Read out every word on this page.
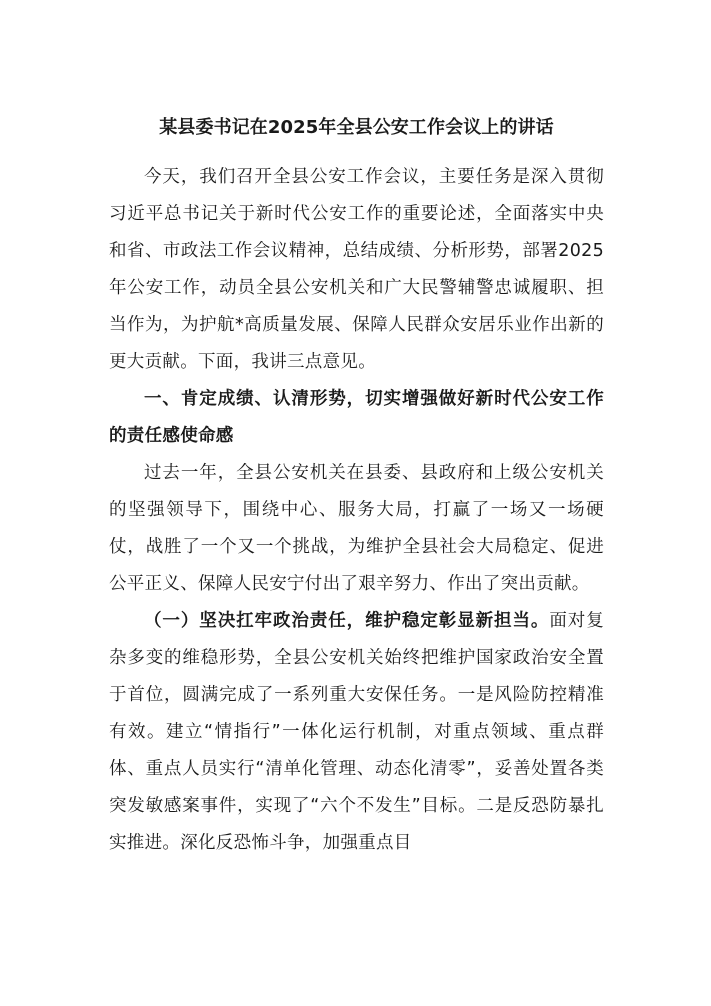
某县委书记在2025年全县公安工作会议上的讲话

今天，我们召开全县公安工作会议，主要任务是深入贯彻习近平总书记关于新时代公安工作的重要论述，全面落实中央和省、市政法工作会议精神，总结成绩、分析形势，部署2025年公安工作，动员全县公安机关和广大民警辅警忠诚履职、担当作为，为护航*高质量发展、保障人民群众安居乐业作出新的更大贡献。下面，我讲三点意见。

一、肯定成绩、认清形势，切实增强做好新时代公安工作的责任感使命感

过去一年，全县公安机关在县委、县政府和上级公安机关的坚强领导下，围绕中心、服务大局，打赢了一场又一场硬仗，战胜了一个又一个挑战，为维护全县社会大局稳定、促进公平正义、保障人民安宁付出了艰辛努力、作出了突出贡献。

（一）坚决扛牢政治责任，维护稳定彰显新担当。面对复杂多变的维稳形势，全县公安机关始终把维护国家政治安全置于首位，圆满完成了一系列重大安保任务。一是风险防控精准有效。建立“情指行”一体化运行机制，对重点领域、重点群体、重点人员实行“清单化管理、动态化清零”，妥善处置各类突发敏感案事件，实现了“六个不发生”目标。二是反恐防暴扎实推进。深化反恐怖斗争，加强重点目
